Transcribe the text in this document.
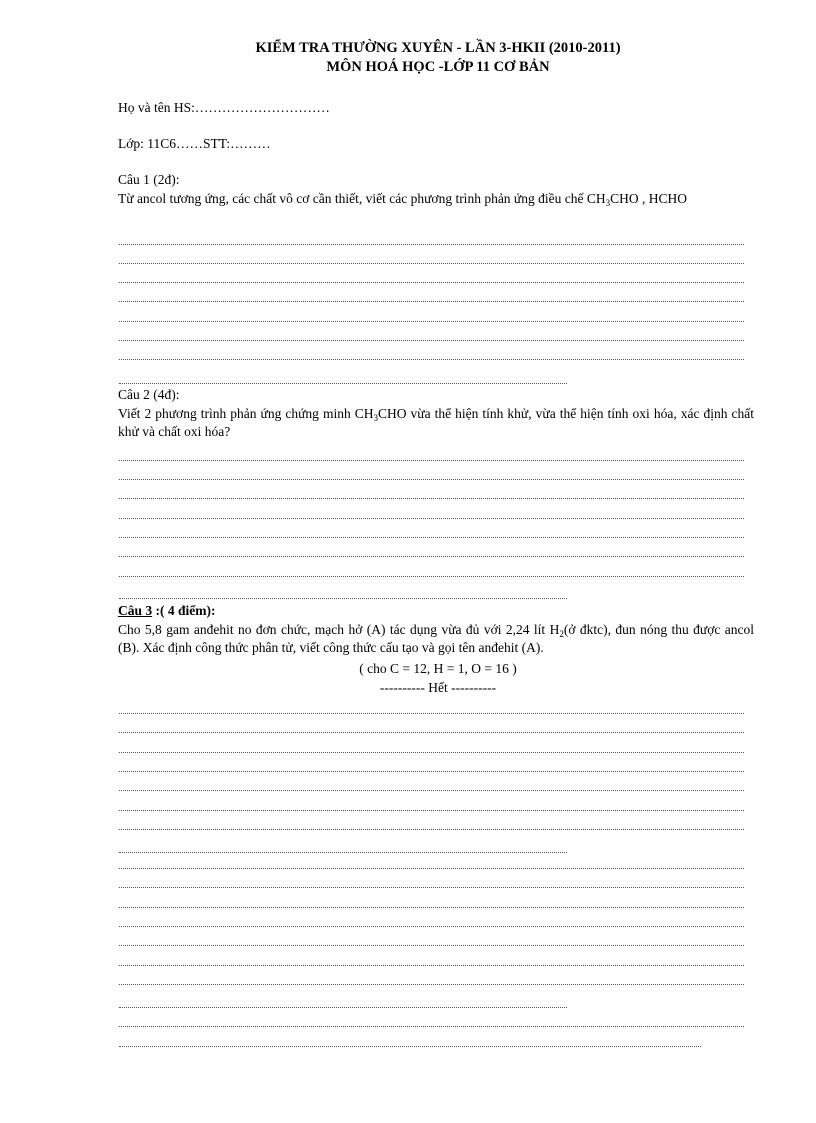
KIỂM TRA THƯỜNG XUYÊN - LẦN 3-HKII (2010-2011)
MÔN HOÁ HỌC -LỚP 11 CƠ BẢN
Họ và tên HS:…………………………
Lớp: 11C6……STT:………
Câu 1 (2đ):
Từ ancol tương ứng, các chất vô cơ cần thiết, viết các phương trình phản ứng điều chế $CH_3CHO$ , HCHO
Câu 2 (4đ):
Viết 2 phương trình phản ứng chứng minh $CH_3CHO$ vừa thể hiện tính khử, vừa thể hiện tính oxi hóa, xác định chất khử và chất oxi hóa?
Câu 3 :( 4 điểm):
Cho 5,8 gam anđehit no đơn chức, mạch hở (A) tác dụng vừa đủ với 2,24 lít $H_2(ở$ đktc), đun nóng thu được ancol (B). Xác định công thức phân tử, viết công thức cấu tạo và gọi tên anđehit (A).
( cho C = 12, H = 1, O = 16 )
---------- Hết ----------
